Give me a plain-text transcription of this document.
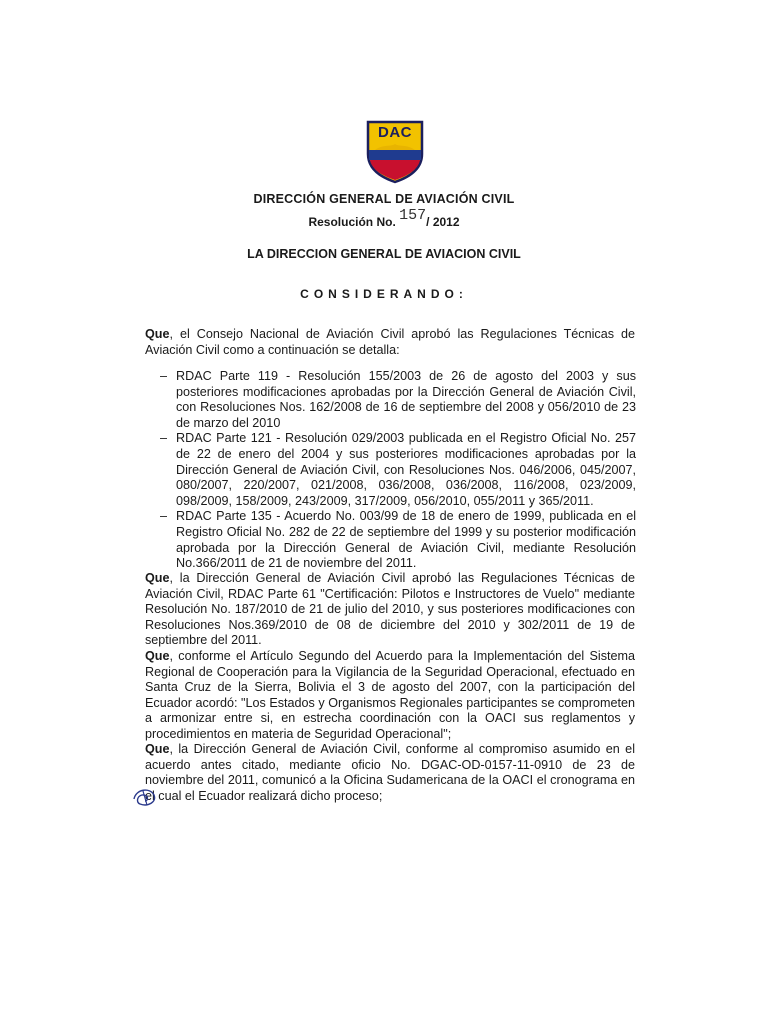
DAC
DIRECCIÓN GENERAL DE AVIACIÓN CIVIL
Resolución No. 157/ 2012
LA DIRECCION GENERAL DE AVIACION CIVIL
CONSIDERANDO:
Que, el Consejo Nacional de Aviación Civil aprobó las Regulaciones Técnicas de Aviación Civil como a continuación se detalla:
– RDAC Parte 119 - Resolución 155/2003 de 26 de agosto del 2003 y sus posteriores modificaciones aprobadas por la Dirección General de Aviación Civil, con Resoluciones Nos. 162/2008 de 16 de septiembre del 2008 y 056/2010 de 23 de marzo del 2010
– RDAC Parte 121 - Resolución 029/2003 publicada en el Registro Oficial No. 257 de 22 de enero del 2004 y sus posteriores modificaciones aprobadas por la Dirección General de Aviación Civil, con Resoluciones Nos. 046/2006, 045/2007, 080/2007, 220/2007, 021/2008, 036/2008, 036/2008, 116/2008, 023/2009, 098/2009, 158/2009, 243/2009, 317/2009, 056/2010, 055/2011 y 365/2011.
– RDAC Parte 135 - Acuerdo No. 003/99 de 18 de enero de 1999, publicada en el Registro Oficial No. 282 de 22 de septiembre del 1999 y su posterior modificación aprobada por la Dirección General de Aviación Civil, mediante Resolución No.366/2011 de 21 de noviembre del 2011.
Que, la Dirección General de Aviación Civil aprobó las Regulaciones Técnicas de Aviación Civil, RDAC Parte 61 "Certificación: Pilotos e Instructores de Vuelo" mediante Resolución No. 187/2010 de 21 de julio del 2010, y sus posteriores modificaciones con Resoluciones Nos.369/2010 de 08 de diciembre del 2010 y 302/2011 de 19 de septiembre del 2011.
Que, conforme el Artículo Segundo del Acuerdo para la Implementación del Sistema Regional de Cooperación para la Vigilancia de la Seguridad Operacional, efectuado en Santa Cruz de la Sierra, Bolivia el 3 de agosto del 2007, con la participación del Ecuador acordó: "Los Estados y Organismos Regionales participantes se comprometen a armonizar entre si, en estrecha coordinación con la OACI sus reglamentos y procedimientos en materia de Seguridad Operacional";
Que, la Dirección General de Aviación Civil, conforme al compromiso asumido en el acuerdo antes citado, mediante oficio No. DGAC-OD-0157-11-0910 de 23 de noviembre del 2011, comunicó a la Oficina Sudamericana de la OACI el cronograma en el cual el Ecuador realizará dicho proceso;
